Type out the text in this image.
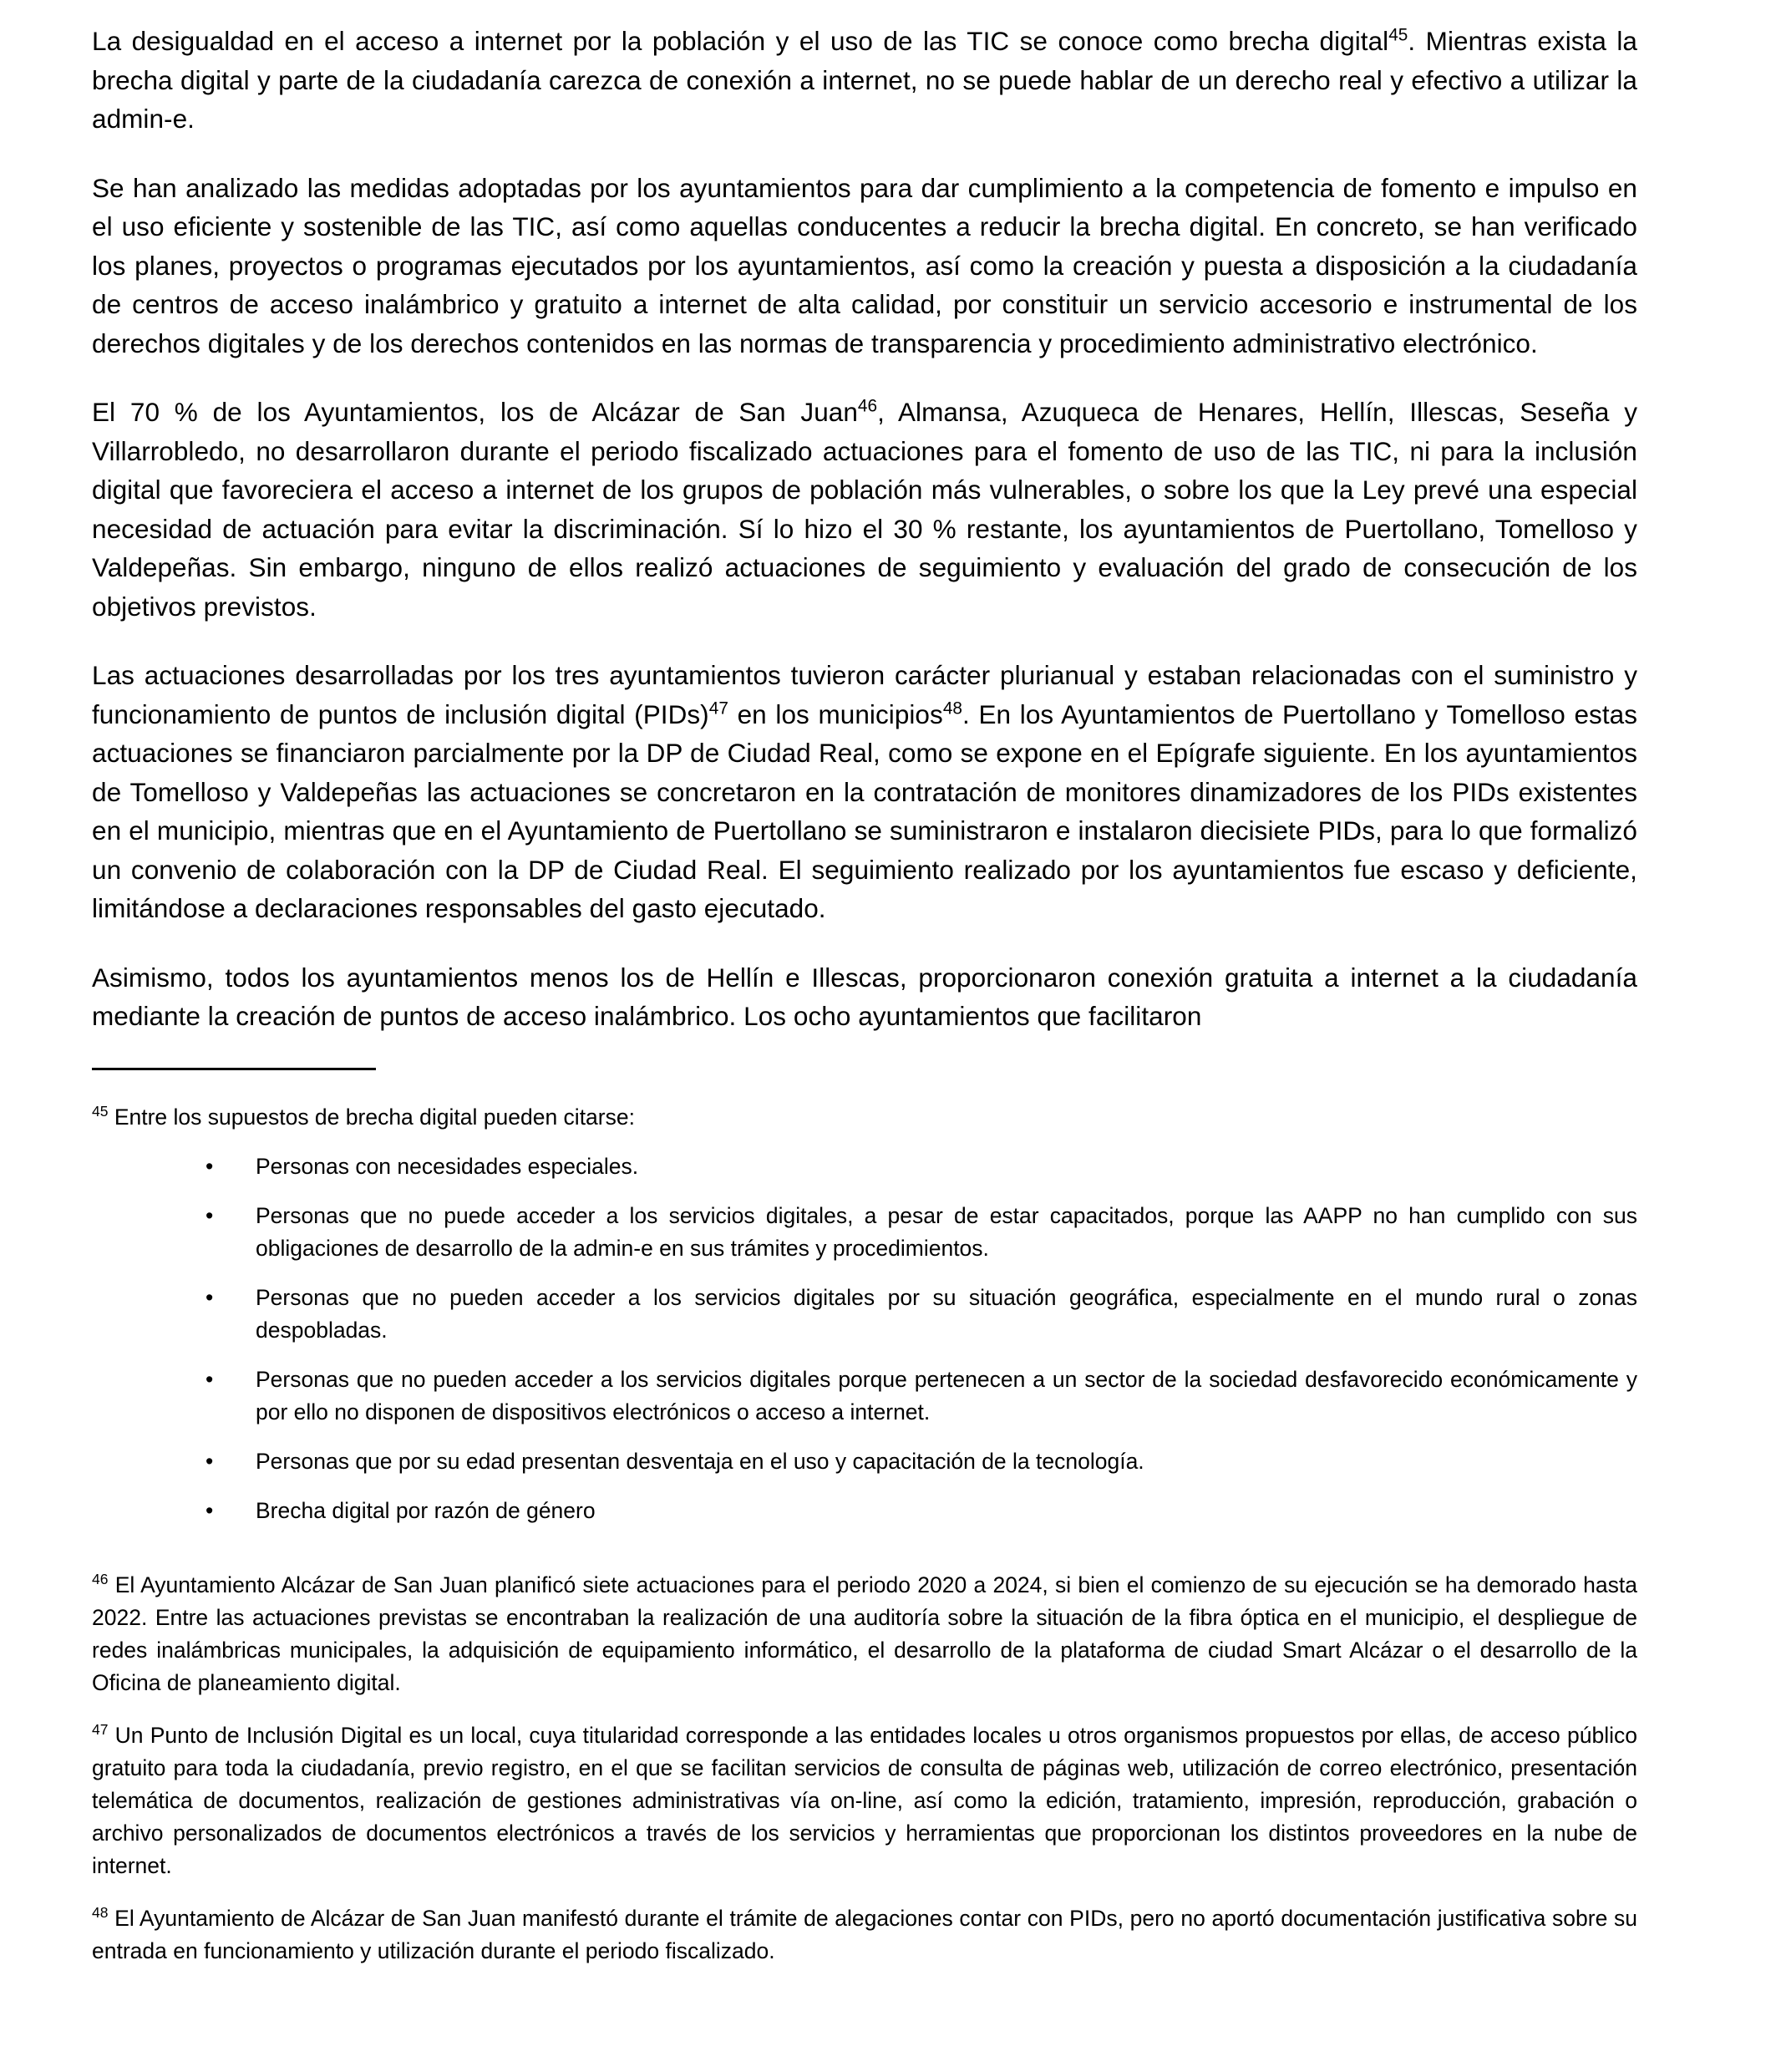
La desigualdad en el acceso a internet por la población y el uso de las TIC se conoce como brecha digital$^{45}$. Mientras exista la brecha digital y parte de la ciudadanía carezca de conexión a internet, no se puede hablar de un derecho real y efectivo a utilizar la admin-e.

Se han analizado las medidas adoptadas por los ayuntamientos para dar cumplimiento a la competencia de fomento e impulso en el uso eficiente y sostenible de las TIC, así como aquellas conducentes a reducir la brecha digital. En concreto, se han verificado los planes, proyectos o programas ejecutados por los ayuntamientos, así como la creación y puesta a disposición a la ciudadanía de centros de acceso inalámbrico y gratuito a internet de alta calidad, por constituir un servicio accesorio e instrumental de los derechos digitales y de los derechos contenidos en las normas de transparencia y procedimiento administrativo electrónico.

El 70 % de los Ayuntamientos, los de Alcázar de San Juan$^{46}$, Almansa, Azuqueca de Henares, Hellín, Illescas, Seseña y Villarrobledo, no desarrollaron durante el periodo fiscalizado actuaciones para el fomento de uso de las TIC, ni para la inclusión digital que favoreciera el acceso a internet de los grupos de población más vulnerables, o sobre los que la Ley prevé una especial necesidad de actuación para evitar la discriminación. Sí lo hizo el 30 % restante, los ayuntamientos de Puertollano, Tomelloso y Valdepeñas. Sin embargo, ninguno de ellos realizó actuaciones de seguimiento y evaluación del grado de consecución de los objetivos previstos.

Las actuaciones desarrolladas por los tres ayuntamientos tuvieron carácter plurianual y estaban relacionadas con el suministro y funcionamiento de puntos de inclusión digital (PIDs)$^{47}$ en los municipios$^{48}$. En los Ayuntamientos de Puertollano y Tomelloso estas actuaciones se financiaron parcialmente por la DP de Ciudad Real, como se expone en el Epígrafe siguiente. En los ayuntamientos de Tomelloso y Valdepeñas las actuaciones se concretaron en la contratación de monitores dinamizadores de los PIDs existentes en el municipio, mientras que en el Ayuntamiento de Puertollano se suministraron e instalaron diecisiete PIDs, para lo que formalizó un convenio de colaboración con la DP de Ciudad Real. El seguimiento realizado por los ayuntamientos fue escaso y deficiente, limitándose a declaraciones responsables del gasto ejecutado.

Asimismo, todos los ayuntamientos menos los de Hellín e Illescas, proporcionaron conexión gratuita a internet a la ciudadanía mediante la creación de puntos de acceso inalámbrico. Los ocho ayuntamientos que facilitaron

$^{45}$ Entre los supuestos de brecha digital pueden citarse:

•	Personas con necesidades especiales.
•	Personas que no puede acceder a los servicios digitales, a pesar de estar capacitados, porque las AAPP no han cumplido con sus obligaciones de desarrollo de la admin-e en sus trámites y procedimientos.
•	Personas que no pueden acceder a los servicios digitales por su situación geográfica, especialmente en el mundo rural o zonas despobladas.
•	Personas que no pueden acceder a los servicios digitales porque pertenecen a un sector de la sociedad desfavorecido económicamente y por ello no disponen de dispositivos electrónicos o acceso a internet.
•	Personas que por su edad presentan desventaja en el uso y capacitación de la tecnología.
•	Brecha digital por razón de género

$^{46}$ El Ayuntamiento Alcázar de San Juan planificó siete actuaciones para el periodo 2020 a 2024, si bien el comienzo de su ejecución se ha demorado hasta 2022. Entre las actuaciones previstas se encontraban la realización de una auditoría sobre la situación de la fibra óptica en el municipio, el despliegue de redes inalámbricas municipales, la adquisición de equipamiento informático, el desarrollo de la plataforma de ciudad Smart Alcázar o el desarrollo de la Oficina de planeamiento digital.

$^{47}$ Un Punto de Inclusión Digital es un local, cuya titularidad corresponde a las entidades locales u otros organismos propuestos por ellas, de acceso público gratuito para toda la ciudadanía, previo registro, en el que se facilitan servicios de consulta de páginas web, utilización de correo electrónico, presentación telemática de documentos, realización de gestiones administrativas vía on-line, así como la edición, tratamiento, impresión, reproducción, grabación o archivo personalizados de documentos electrónicos a través de los servicios y herramientas que proporcionan los distintos proveedores en la nube de internet.

$^{48}$ El Ayuntamiento de Alcázar de San Juan manifestó durante el trámite de alegaciones contar con PIDs, pero no aportó documentación justificativa sobre su entrada en funcionamiento y utilización durante el periodo fiscalizado.
